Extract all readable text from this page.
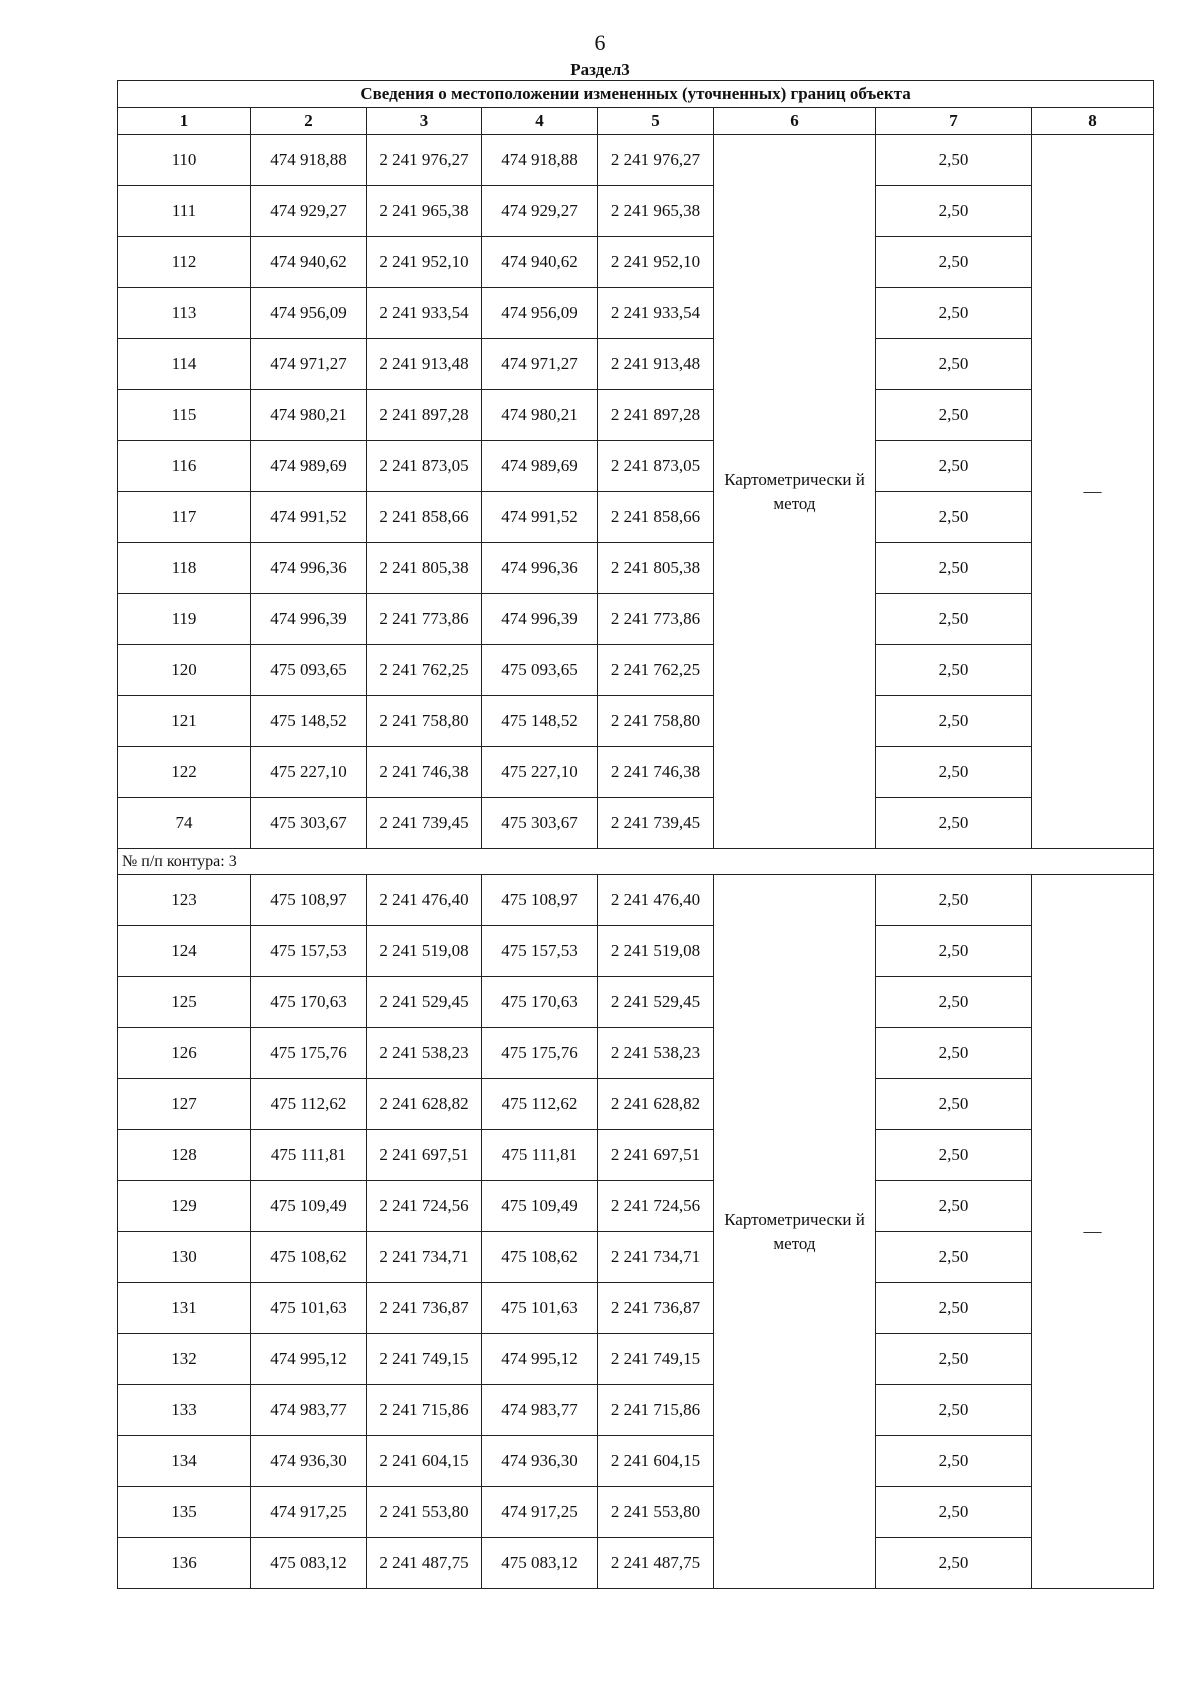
6
Раздел3
Сведения о местоположении измененных (уточненных) границ объекта							
1	2	3	4	5	6	7	8
110	474 918,88	2 241 976,27	474 918,88	2 241 976,27	Картометрически й метод	2,50	—
111	474 929,27	2 241 965,38	474 929,27	2 241 965,38		2,50	
112	474 940,62	2 241 952,10	474 940,62	2 241 952,10		2,50	
113	474 956,09	2 241 933,54	474 956,09	2 241 933,54		2,50	
114	474 971,27	2 241 913,48	474 971,27	2 241 913,48		2,50	
115	474 980,21	2 241 897,28	474 980,21	2 241 897,28		2,50	
116	474 989,69	2 241 873,05	474 989,69	2 241 873,05		2,50	
117	474 991,52	2 241 858,66	474 991,52	2 241 858,66		2,50	
118	474 996,36	2 241 805,38	474 996,36	2 241 805,38		2,50	
119	474 996,39	2 241 773,86	474 996,39	2 241 773,86		2,50	
120	475 093,65	2 241 762,25	475 093,65	2 241 762,25		2,50	
121	475 148,52	2 241 758,80	475 148,52	2 241 758,80		2,50	
122	475 227,10	2 241 746,38	475 227,10	2 241 746,38		2,50	
74	475 303,67	2 241 739,45	475 303,67	2 241 739,45		2,50	
№ п/п контура: 3							
123	475 108,97	2 241 476,40	475 108,97	2 241 476,40	Картометрически й метод	2,50	—
124	475 157,53	2 241 519,08	475 157,53	2 241 519,08		2,50	
125	475 170,63	2 241 529,45	475 170,63	2 241 529,45		2,50	
126	475 175,76	2 241 538,23	475 175,76	2 241 538,23		2,50	
127	475 112,62	2 241 628,82	475 112,62	2 241 628,82		2,50	
128	475 111,81	2 241 697,51	475 111,81	2 241 697,51		2,50	
129	475 109,49	2 241 724,56	475 109,49	2 241 724,56		2,50	
130	475 108,62	2 241 734,71	475 108,62	2 241 734,71		2,50	
131	475 101,63	2 241 736,87	475 101,63	2 241 736,87		2,50	
132	474 995,12	2 241 749,15	474 995,12	2 241 749,15		2,50	
133	474 983,77	2 241 715,86	474 983,77	2 241 715,86		2,50	
134	474 936,30	2 241 604,15	474 936,30	2 241 604,15		2,50	
135	474 917,25	2 241 553,80	474 917,25	2 241 553,80		2,50	
136	475 083,12	2 241 487,75	475 083,12	2 241 487,75		2,50	
